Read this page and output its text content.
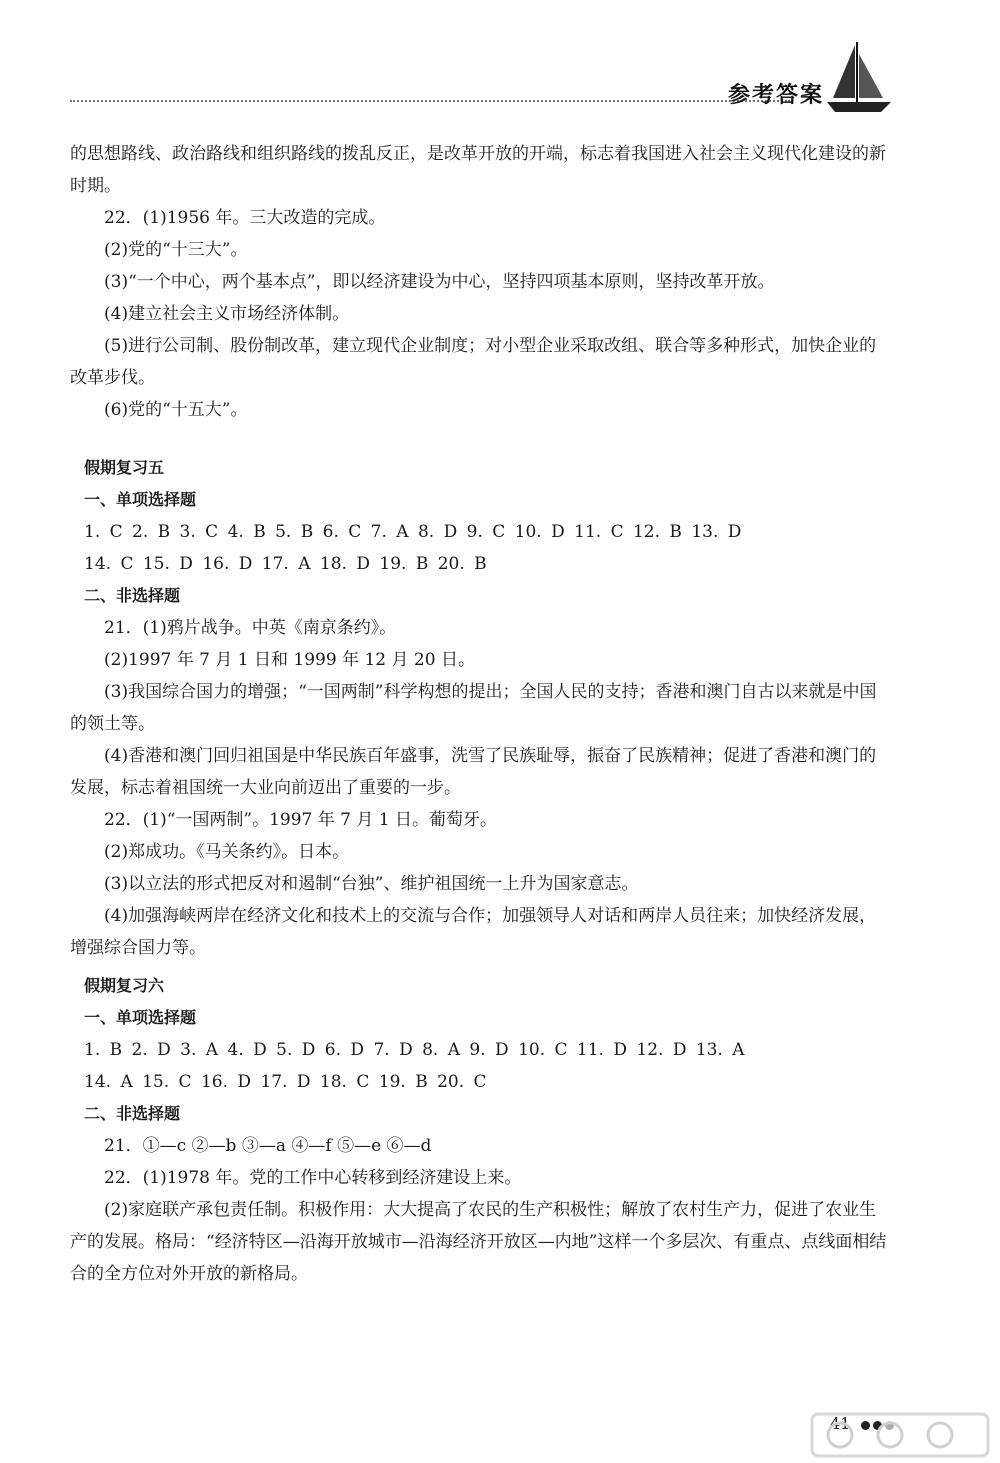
参考答案

的思想路线、政治路线和组织路线的拨乱反正，是改革开放的开端，标志着我国进入社会主义现代化建设的新时期。

22．(1)1956 年。三大改造的完成。

(2)党的“十三大”。

(3)“一个中心，两个基本点”，即以经济建设为中心，坚持四项基本原则，坚持改革开放。

(4)建立社会主义市场经济体制。

(5)进行公司制、股份制改革，建立现代企业制度；对小型企业采取改组、联合等多种形式，加快企业的改革步伐。

(6)党的“十五大”。

假期复习五

一、单项选择题

1. C 2. B 3. C 4. B 5. B 6. C 7. A 8. D 9. C 10. D 11. C 12. B 13. D

14. C 15. D 16. D 17. A 18. D 19. B 20. B

二、非选择题

21．(1)鸦片战争。中英《南京条约》。

(2)1997 年 7 月 1 日和 1999 年 12 月 20 日。

(3)我国综合国力的增强；“一国两制”科学构想的提出；全国人民的支持；香港和澳门自古以来就是中国的领土等。

(4)香港和澳门回归祖国是中华民族百年盛事，洗雪了民族耻辱，振奋了民族精神；促进了香港和澳门的发展，标志着祖国统一大业向前迈出了重要的一步。

22．(1)“一国两制”。1997 年 7 月 1 日。葡萄牙。

(2)郑成功。《马关条约》。日本。

(3)以立法的形式把反对和遏制“台独”、维护祖国统一上升为国家意志。

(4)加强海峡两岸在经济文化和技术上的交流与合作；加强领导人对话和两岸人员往来；加快经济发展，增强综合国力等。

假期复习六

一、单项选择题

1. B 2. D 3. A 4. D 5. D 6. D 7. D 8. A 9. D 10. C 11. D 12. D 13. A

14. A 15. C 16. D 17. D 18. C 19. B 20. C

二、非选择题

21．①—c ②—b ③—a ④—f ⑤—e ⑥—d

22．(1)1978 年。党的工作中心转移到经济建设上来。

(2)家庭联产承包责任制。积极作用：大大提高了农民的生产积极性；解放了农村生产力，促进了农业生产的发展。格局：“经济特区—沿海开放城市—沿海经济开放区—内地”这样一个多层次、有重点、点线面相结合的全方位对外开放的新格局。

41
